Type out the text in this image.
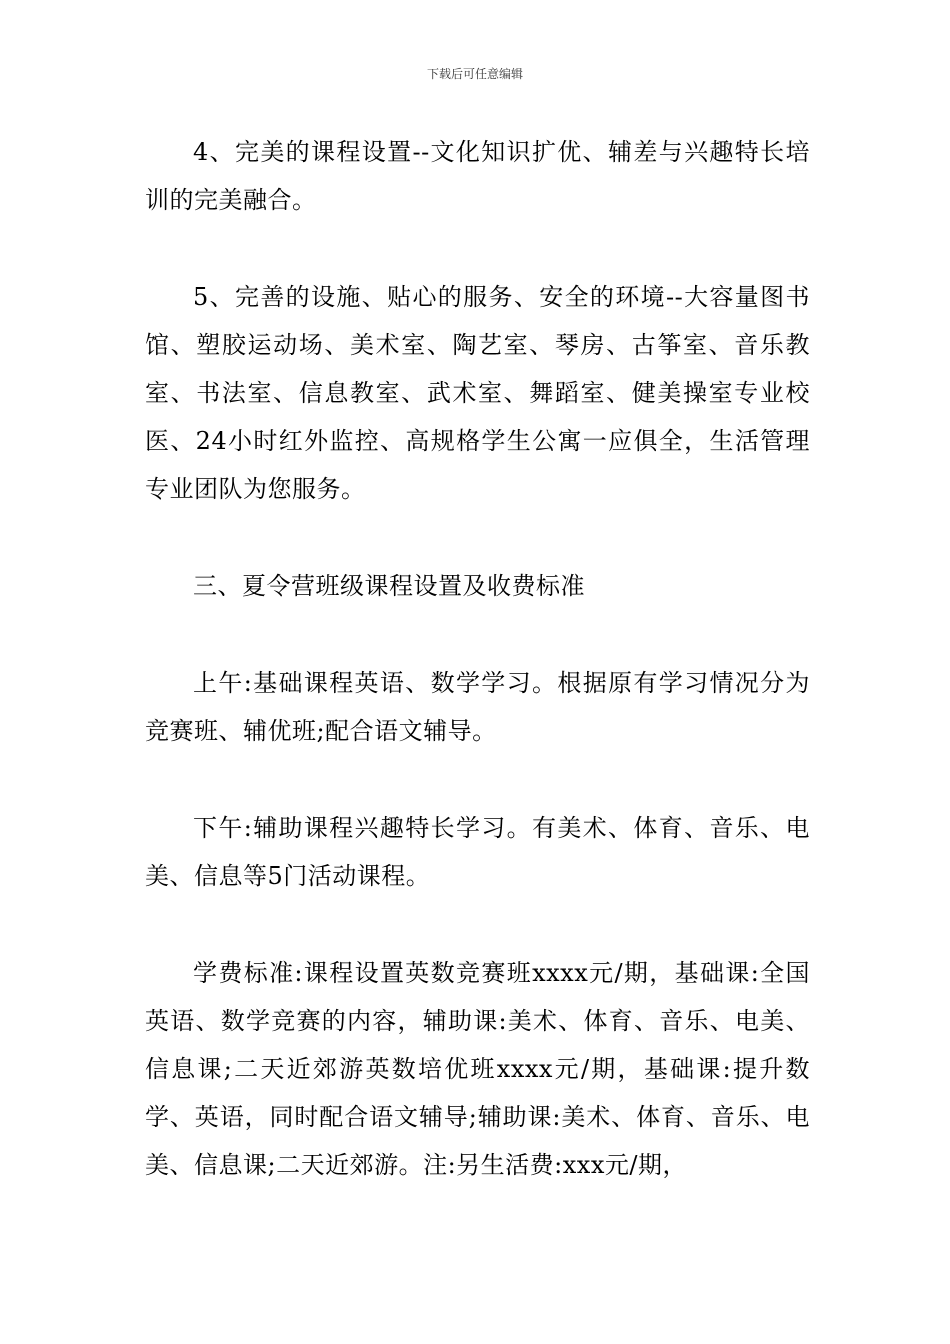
下载后可任意编辑

4、完美的课程设置--文化知识扩优、辅差与兴趣特长培训的完美融合。

5、完善的设施、贴心的服务、安全的环境--大容量图书馆、塑胶运动场、美术室、陶艺室、琴房、古筝室、音乐教室、书法室、信息教室、武术室、舞蹈室、健美操室专业校医、24小时红外监控、高规格学生公寓一应俱全，生活管理专业团队为您服务。

三、夏令营班级课程设置及收费标准

上午:基础课程英语、数学学习。根据原有学习情况分为竞赛班、辅优班;配合语文辅导。

下午:辅助课程兴趣特长学习。有美术、体育、音乐、电美、信息等5门活动课程。

学费标准:课程设置英数竞赛班xxxx元/期，基础课:全国英语、数学竞赛的内容，辅助课:美术、体育、音乐、电美、信息课;二天近郊游英数培优班xxxx元/期，基础课:提升数学、英语，同时配合语文辅导;辅助课:美术、体育、音乐、电美、信息课;二天近郊游。注:另生活费:xxx元/期，
